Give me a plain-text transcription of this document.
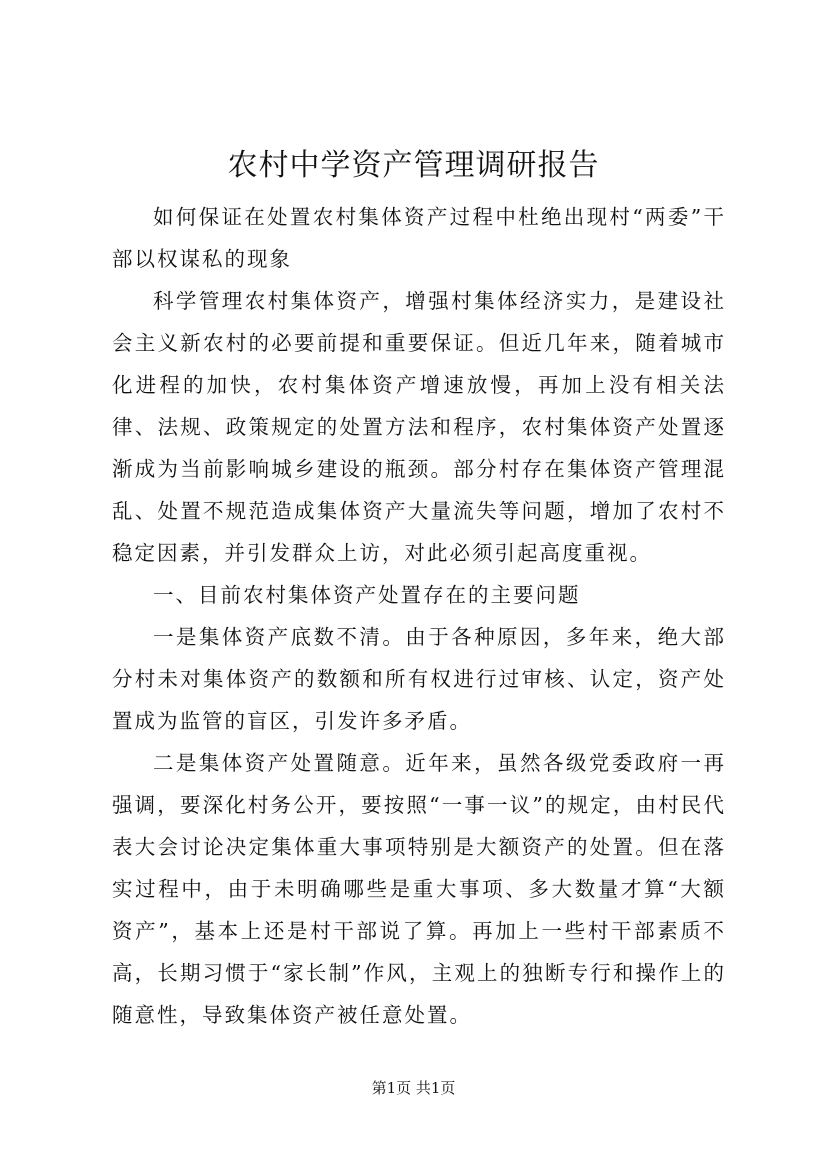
农村中学资产管理调研报告

如何保证在处置农村集体资产过程中杜绝出现村“两委”干部以权谋私的现象

科学管理农村集体资产，增强村集体经济实力，是建设社会主义新农村的必要前提和重要保证。但近几年来，随着城市化进程的加快，农村集体资产增速放慢，再加上没有相关法律、法规、政策规定的处置方法和程序，农村集体资产处置逐渐成为当前影响城乡建设的瓶颈。部分村存在集体资产管理混乱、处置不规范造成集体资产大量流失等问题，增加了农村不稳定因素，并引发群众上访，对此必须引起高度重视。

一、目前农村集体资产处置存在的主要问题

一是集体资产底数不清。由于各种原因，多年来，绝大部分村未对集体资产的数额和所有权进行过审核、认定，资产处置成为监管的盲区，引发许多矛盾。

二是集体资产处置随意。近年来，虽然各级党委政府一再强调，要深化村务公开，要按照“一事一议”的规定，由村民代表大会讨论决定集体重大事项特别是大额资产的处置。但在落实过程中，由于未明确哪些是重大事项、多大数量才算“大额资产”，基本上还是村干部说了算。再加上一些村干部素质不高，长期习惯于“家长制”作风，主观上的独断专行和操作上的随意性，导致集体资产被任意处置。

第1页 共1页
